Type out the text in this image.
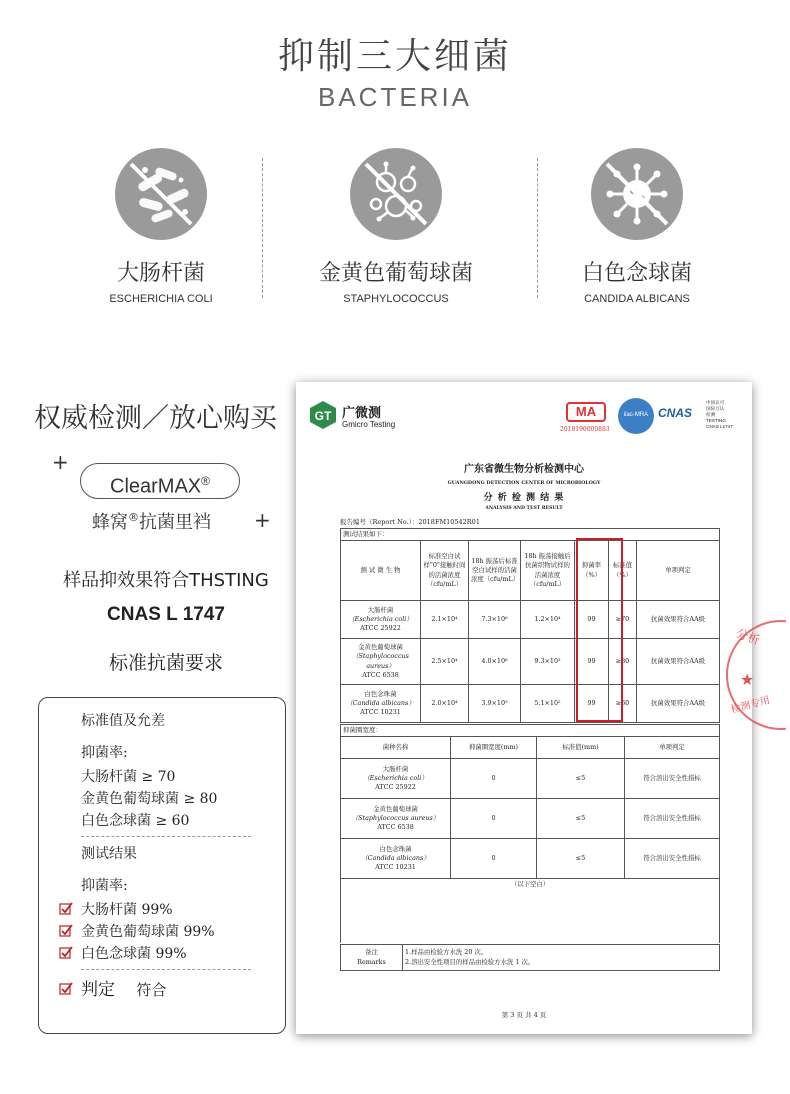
抑制三大细菌
BACTERIA
大肠杆菌
ESCHERICHIA COLI
金黄色葡萄球菌
STAPHYLOCOCCUS
白色念球菌
CANDIDA ALBICANS
权威检测／放心购买
+
ClearMAX®
蜂窝®抗菌里裆 +
样品抑效果符合THSTING
CNAS L 1747
标准抗菌要求
标准值及允差
抑菌率:
大肠杆菌 ≥ 70
金黄色葡萄球菌 ≥ 80
白色念球菌 ≥ 60
测试结果
抑菌率:
大肠杆菌 99%
金黄色葡萄球菌 99%
白色念球菌 99%
判定 符合
GT 广微测
Gmicro Testing
MA
2018190000883
ilac-MRA CNAS
中国认可
国际互认
检测
TESTING
CNAS L1747
广东省微生物分析检测中心
GUANGDONG DETECTION CENTER OF MICROBIOLOGY
分 析 检 测 结 果
ANALYSIS AND TEST RESULT
报告编号（Report No.）：2018FM10542R01
测试结果如下：
测 试 微 生 物	标准空白试样"0"接触时间的活菌浓度（cfu/mL）	18h 振荡后标准空白试样的活菌浓度（cfu/mL）	18h 振荡接触后抗菌织物试样的活菌浓度（cfu/mL）	抑菌率（%）	标准值（%）	单项判定

大肠杆菌
（Escherichia coli）
ATCC 25922	2.1×10⁴	7.3×10⁶	1.2×10⁴	99	≥70	抗菌效果符合AA级

金黄色葡萄球菌
（Staphylococcus aureus）
ATCC 6538	2.5×10⁴	4.0×10⁶	9.3×10²	99	≥80	抗菌效果符合AA级

白色念珠菌
（Candida albicans）
ATCC 10231	2.0×10⁴	3.9×10⁵	5.1×10²	99	≥60	抗菌效果符合AA级
抑菌圈宽度：
菌种名称	抑菌圈宽度(mm)	标准值(mm)	单项判定

大肠杆菌
（Escherichia coli）
ATCC 25922	0	≤5	符合溶出安全性指标

金黄色葡萄球菌
（Staphylococcus aureus）
ATCC 6538	0	≤5	符合溶出安全性指标

白色念珠菌
（Candida albicans）
ATCC 10231	0	≤5	符合溶出安全性指标
（以下空白）			
备注
Remarks

1.样品由检验方水洗 20 次。
2.溶出安全性项目的样品由检验方水洗 1 次。
第 3 页 共 4 页
分析
★
检测专用
